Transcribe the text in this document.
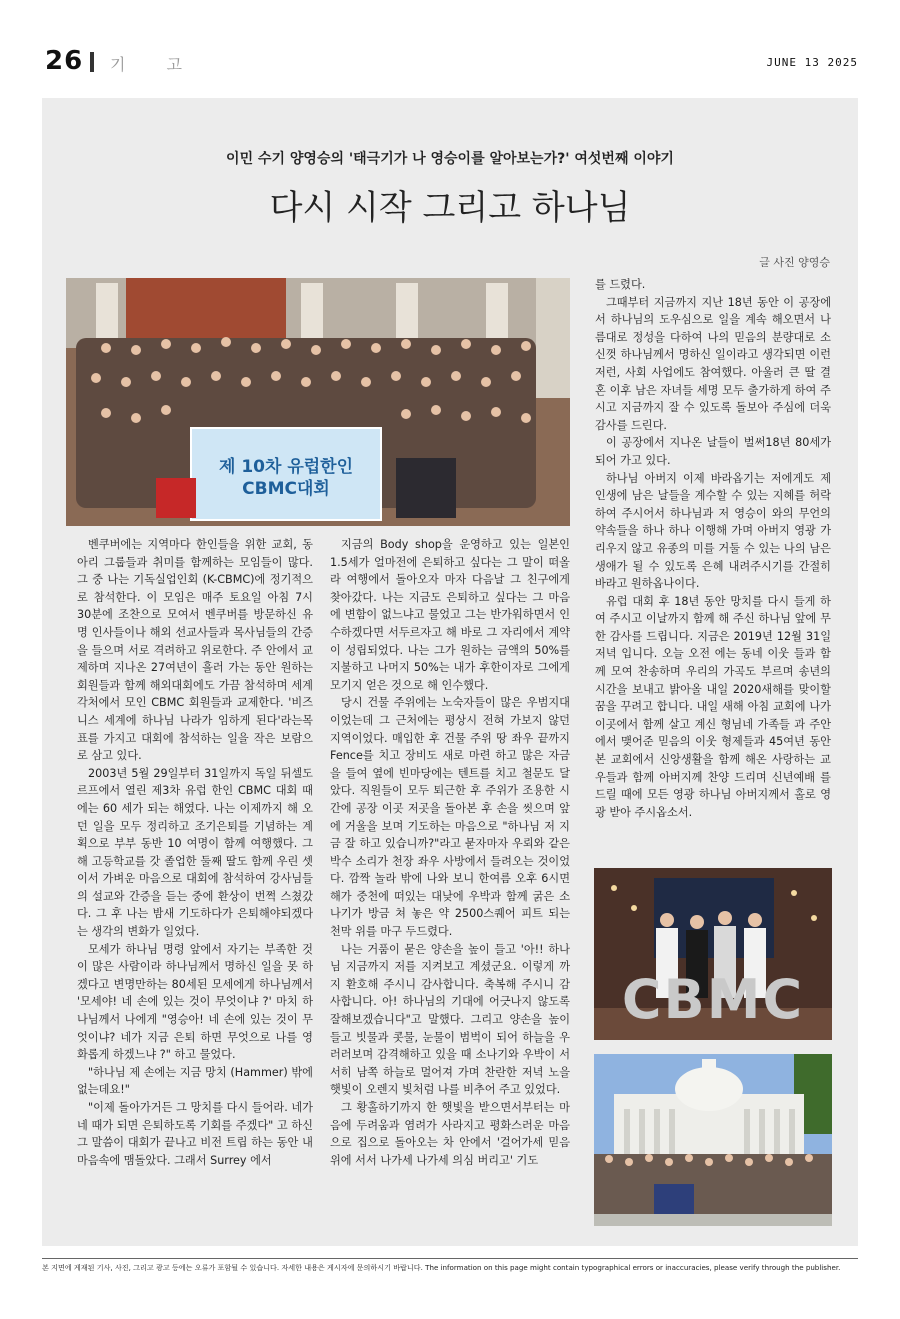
26 기 고	JUNE 13 2025
이민 수기 양영승의 '태극기가 나 영승이를 알아보는가?' 여섯번째 이야기
다시 시작 그리고 하나님
글 사진 양영승
제 10차 유럽한인CBMC대회
CBMC

벤쿠버에는 지역마다 한인들을 위한 교회, 동아리 그룹들과 취미를 함께하는 모임들이 많다. 그 중 나는 기독실업인회 (K-CBMC)에 정기적으로 참석한다. 이 모임은 매주 토요일 아침 7시 30분에 조찬으로 모여서 벤쿠버를 방문하신 유명 인사들이나 해외 선교사들과 목사님들의 간증을 들으며 서로 격려하고 위로한다. 주 안에서 교제하며 지나온 27여년이 흘러 가는 동안 원하는 회원들과 함께 해외대회에도 가끔 참석하며 세계 각처에서 모인 CBMC 회원들과 교제한다. '비즈니스 세계에 하나님 나라가 임하게 된다'라는목표를 가지고 대회에 참석하는 일을 작은 보람으로 삼고 있다.

2003년 5월 29일부터 31일까지 독일 뒤셀도르프에서 열린 제3차 유럽 한인 CBMC 대회 때에는 60 세가 되는 해였다. 나는 이제까지 해 오던 일을 모두 정리하고 조기은퇴를 기념하는 계획으로 부부 동반 10 여명이 함께 여행했다. 그해 고등학교를 갓 졸업한 둘째 딸도 함께 우린 셋이서 가벼운 마음으로 대회에 참석하여 강사님들의 설교와 간증을 듣는 중에 환상이 번쩍 스쳤갔다. 그 후 나는 밤새 기도하다가 은퇴해야되겠다는 생각의 변화가 일었다.

모세가 하나님 명령 앞에서 자기는 부족한 것이 많은 사람이라 하나님께서 명하신 일을 못 하겠다고 변명만하는 80세된 모세에게 하나님께서 '모세야! 네 손에 있는 것이 무엇이냐 ?' 마치 하나님께서 나에게 "영승아! 네 손에 있는 것이 무엇이냐? 네가 지금 은퇴 하면 무엇으로 나를 영화롭게 하겠느냐 ?" 하고 물었다.

"하나님 제 손에는 지금 망치 (Hammer) 밖에 없는데요!"

"이제 돌아가거든 그 망치를 다시 들어라. 네가 네 때가 되면 은퇴하도록 기회를 주겠다" 고 하신 그 말씀이 대회가 끝나고 비전 트립 하는 동안 내 마음속에 맴돌았다. 그래서 Surrey 에서

지금의 Body shop을 운영하고 있는 일본인 1.5세가 얼마전에 은퇴하고 싶다는 그 말이 떠올라 여행에서 돌아오자 마자 다음날 그 친구에게 찾아갔다. 나는 지금도 은퇴하고 싶다는 그 마음에 변함이 없느냐고 물었고 그는 반가워하면서 인수하겠다면 서두르자고 해 바로 그 자리에서 계약이 성립되었다. 나는 그가 원하는 금액의 50%를 지불하고 나머지 50%는 내가 후한이자로 그에게 모기지 얻은 것으로 해 인수했다.

당시 건물 주위에는 노숙자들이 많은 우범지대이었는데 그 근처에는 평상시 전혀 가보지 않던 지역이었다. 매입한 후 건물 주위 땅 좌우 끝까지 Fence를 치고 장비도 새로 마련 하고 많은 자금을 들여 옆에 빈마당에는 텐트를 치고 철문도 달았다. 직원들이 모두 퇴근한 후 주위가 조용한 시간에 공장 이곳 저곳을 돌아본 후 손을 씻으며 앞에 거울을 보며 기도하는 마음으로 "하나님 저 지금 잘 하고 있습니까?"라고 묻자마자 우뢰와 같은 박수 소리가 천장 좌우 사방에서 들려오는 것이었다. 깜짝 놀라 밖에 나와 보니 한여름 오후 6시면 해가 중천에 떠있는 대낮에 우박과 함께 굵은 소나기가 방금 쳐 놓은 약 2500스퀘어 피트 되는 천막 위를 마구 두드렸다.

나는 거품이 묻은 양손을 높이 들고 '아!! 하나님 지금까지 저를 지켜보고 계셨군요. 이렇게 까지 환호해 주시니 감사합니다. 축복해 주시니 감사합니다. 아! 하나님의 기대에 어긋나지 않도록 잘해보겠습니다"고 말했다. 그리고 양손을 높이 들고 빗물과 콧물, 눈물이 범벅이 되어 하늘을 우러러보며 감격해하고 있을 때 소나기와 우박이 서서히 남쪽 하늘로 멀어져 가며 찬란한 저녁 노을 햇빛이 오렌지 빛처럼 나를 비추어 주고 있었다.

그 황홀하기까지 한 햇빛을 받으면서부터는 마음에 두려움과 염려가 사라지고 평화스러운 마음으로 집으로 돌아오는 차 안에서 '걸어가세 믿음 위에 서서 나가세 나가세 의심 버리고' 기도

를 드렸다.

그때부터 지금까지 지난 18년 동안 이 공장에서 하나님의 도우심으로 일을 계속 해오면서 나름대로 정성을 다하여 나의 믿음의 분량대로 소신껏 하나님께서 명하신 일이라고 생각되면 이런 저런, 사회 사업에도 참여했다. 아울러 큰 딸 결혼 이후 남은 자녀들 세명 모두 출가하게 하여 주시고 지금까지 잘 수 있도록 돌보아 주심에 더욱 감사를 드린다.

이 공장에서 지나온 날들이 벌써18년 80세가 되어 가고 있다.

하나님 아버지 이제 바라옵기는 저에게도 제 인생에 남은 날들을 계수할 수 있는 지혜를 허락하여 주시어서 하나님과 저 영승이 와의 무언의 약속들을 하나 하나 이행해 가며 아버지 영광 가리우지 않고 유종의 미를 거둘 수 있는 나의 남은 생애가 될 수 있도록 은혜 내려주시기를 간절히 바라고 원하옵나이다.

유럽 대회 후 18년 동안 망치를 다시 들게 하여 주시고 이날까지 함께 해 주신 하나님 앞에 무한 감사를 드립니다. 지금은 2019년 12월 31일 저녁 입니다. 오늘 오전 에는 동네 이웃 들과 함께 모여 찬송하며 우리의 가곡도 부르며 송년의 시간을 보내고 밝아올 내일 2020새해를 맞이할 꿈을 꾸려고 합니다. 내일 새해 아침 교회에 나가 이곳에서 함께 살고 계신 형님네 가족들 과 주안에서 맺어준 믿음의 이웃 형제들과 45여년 동안 본 교회에서 신앙생활을 함께 해온 사랑하는 교우들과 함께 아버지께 찬양 드리며 신년예배 를 드릴 때에 모든 영광 하나님 아버지께서 홀로 영광 받아 주시옵소서.

본 지면에 게재된 기사, 사진, 그리고 광고 등에는 오류가 포함될 수 있습니다. 자세한 내용은 게시자에 문의하시기 바랍니다. The information on this page might contain typographical errors or inaccuracies, please verify through the publisher.
